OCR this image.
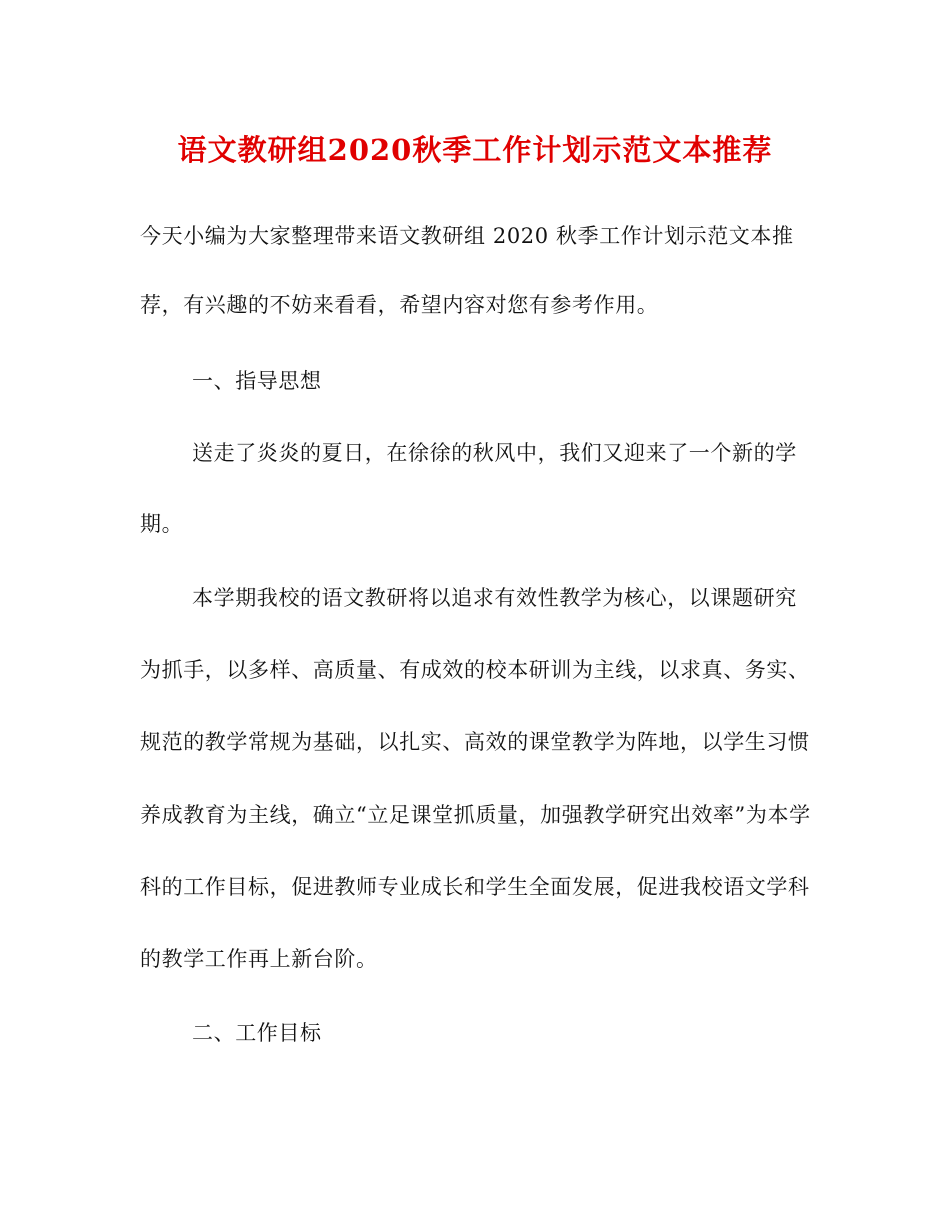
语文教研组2020秋季工作计划示范文本推荐
今天小编为大家整理带来语文教研组 2020 秋季工作计划示范文本推
荐，有兴趣的不妨来看看，希望内容对您有参考作用。
一、指导思想
送走了炎炎的夏日，在徐徐的秋风中，我们又迎来了一个新的学
期。
本学期我校的语文教研将以追求有效性教学为核心，以课题研究
为抓手，以多样、高质量、有成效的校本研训为主线，以求真、务实、
规范的教学常规为基础，以扎实、高效的课堂教学为阵地，以学生习惯
养成教育为主线，确立“立足课堂抓质量，加强教学研究出效率”为本学
科的工作目标，促进教师专业成长和学生全面发展，促进我校语文学科
的教学工作再上新台阶。
二、工作目标
